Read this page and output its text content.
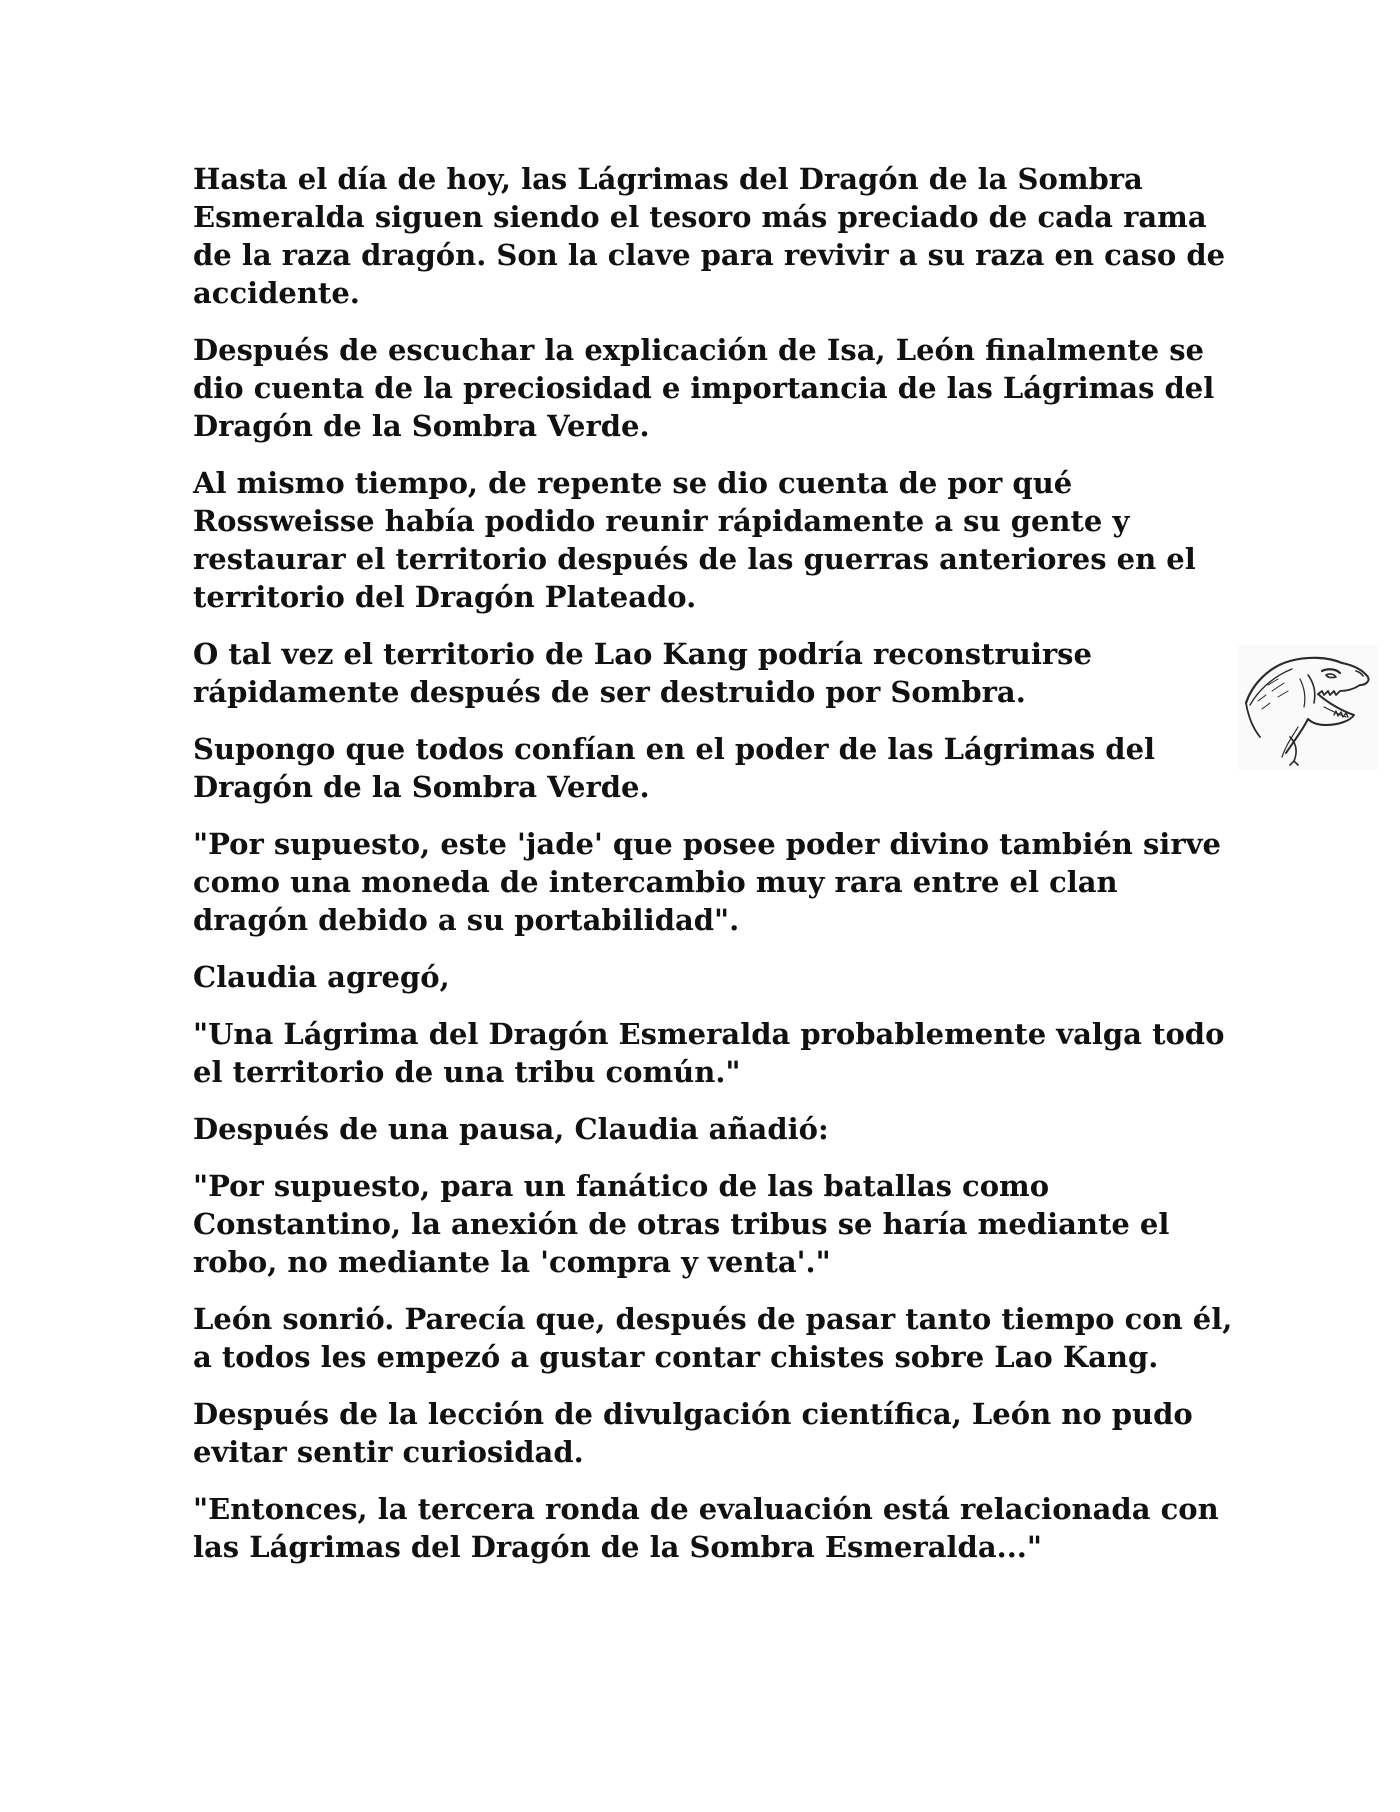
Hasta el día de hoy, las Lágrimas del Dragón de la Sombra Esmeralda siguen siendo el tesoro más preciado de cada rama de la raza dragón. Son la clave para revivir a su raza en caso de accidente.

Después de escuchar la explicación de Isa, León finalmente se dio cuenta de la preciosidad e importancia de las Lágrimas del Dragón de la Sombra Verde.

Al mismo tiempo, de repente se dio cuenta de por qué Rossweisse había podido reunir rápidamente a su gente y restaurar el territorio después de las guerras anteriores en el territorio del Dragón Plateado.

O tal vez el territorio de Lao Kang podría reconstruirse rápidamente después de ser destruido por Sombra.

Supongo que todos confían en el poder de las Lágrimas del Dragón de la Sombra Verde.

"Por supuesto, este 'jade' que posee poder divino también sirve como una moneda de intercambio muy rara entre el clan dragón debido a su portabilidad".

Claudia agregó,

"Una Lágrima del Dragón Esmeralda probablemente valga todo el territorio de una tribu común."

Después de una pausa, Claudia añadió:

"Por supuesto, para un fanático de las batallas como Constantino, la anexión de otras tribus se haría mediante el robo, no mediante la 'compra y venta'."

León sonrió. Parecía que, después de pasar tanto tiempo con él, a todos les empezó a gustar contar chistes sobre Lao Kang.

Después de la lección de divulgación científica, León no pudo evitar sentir curiosidad.

"Entonces, la tercera ronda de evaluación está relacionada con las Lágrimas del Dragón de la Sombra Esmeralda..."
